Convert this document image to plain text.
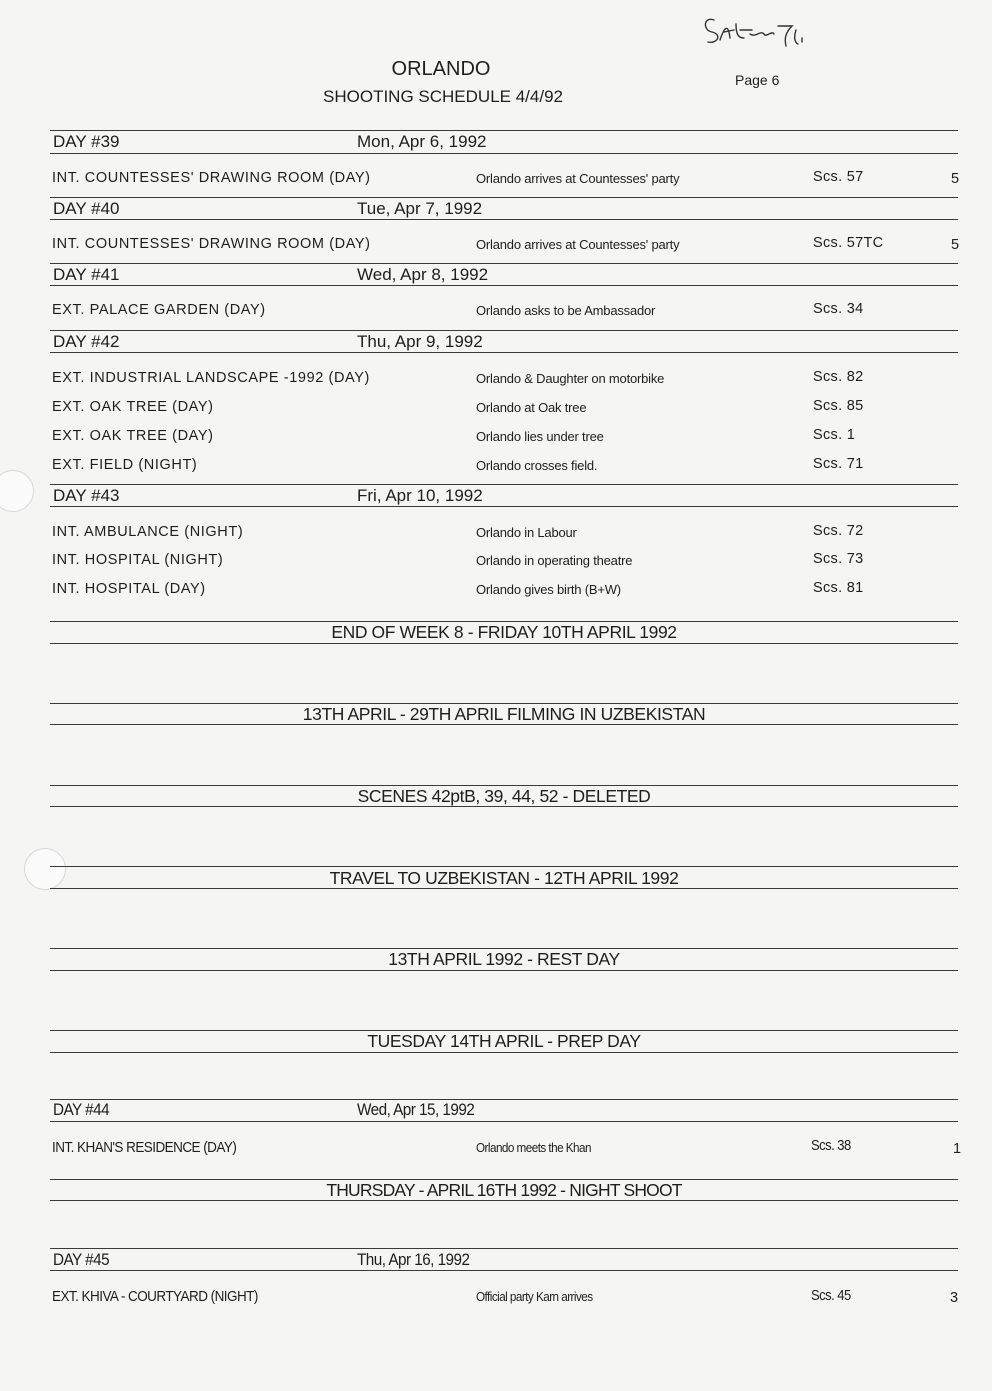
ORLANDO
SHOOTING SCHEDULE 4/4/92
Page 6
DAY #39	Mon, Apr 6, 1992
INT. COUNTESSES' DRAWING ROOM (DAY)	Orlando arrives at Countesses' party	Scs. 57	5
DAY #40	Tue, Apr 7, 1992
INT. COUNTESSES' DRAWING ROOM (DAY)	Orlando arrives at Countesses' party	Scs. 57TC	5
DAY #41	Wed, Apr 8, 1992
EXT. PALACE GARDEN (DAY)	Orlando asks to be Ambassador	Scs. 34
DAY #42	Thu, Apr 9, 1992
EXT. INDUSTRIAL LANDSCAPE -1992 (DAY)	Orlando & Daughter on motorbike	Scs. 82
EXT. OAK TREE (DAY)	Orlando at Oak tree	Scs. 85
EXT. OAK TREE (DAY)	Orlando lies under tree	Scs. 1
EXT. FIELD (NIGHT)	Orlando crosses field.	Scs. 71
DAY #43	Fri, Apr 10, 1992
INT. AMBULANCE (NIGHT)	Orlando in Labour	Scs. 72
INT. HOSPITAL (NIGHT)	Orlando in operating theatre	Scs. 73
INT. HOSPITAL (DAY)	Orlando gives birth (B+W)	Scs. 81
END OF WEEK 8 - FRIDAY 10TH APRIL 1992
13TH APRIL - 29TH APRIL FILMING IN UZBEKISTAN
SCENES 42ptB, 39, 44, 52 - DELETED
TRAVEL TO UZBEKISTAN - 12TH APRIL 1992
13TH APRIL 1992 - REST DAY
TUESDAY 14TH APRIL - PREP DAY
DAY #44	Wed, Apr 15, 1992
INT. KHAN'S RESIDENCE (DAY)	Orlando meets the Khan	Scs. 38	1
THURSDAY - APRIL 16TH 1992 - NIGHT SHOOT
DAY #45	Thu, Apr 16, 1992
EXT. KHIVA - COURTYARD (NIGHT)	Official party Karn arrives	Scs. 45	3
